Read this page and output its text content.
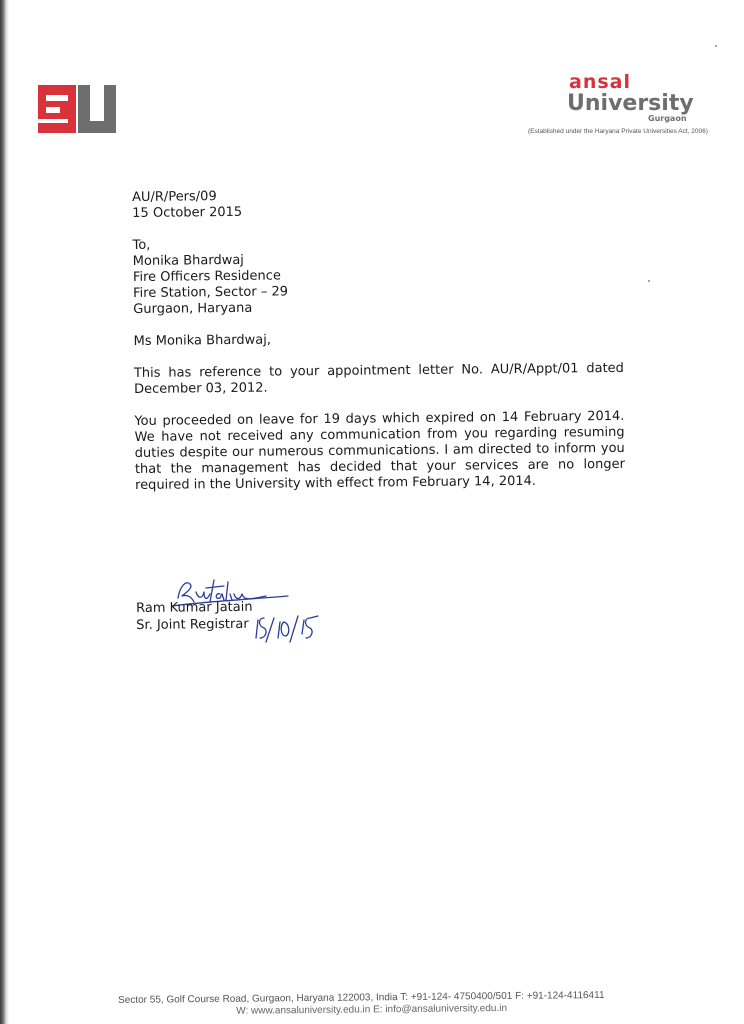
ansal
University
Gurgaon
(Established under the Haryana Private Universities Act, 2006)
AU/R/Pers/09
15 October 2015
To,
Monika Bhardwaj
Fire Officers Residence
Fire Station, Sector – 29
Gurgaon, Haryana
Ms Monika Bhardwaj,

This has reference to your appointment letter No. AU/R/Appt/01 dated December 03, 2012.

You proceeded on leave for 19 days which expired on 14 February 2014. We have not received any communication from you regarding resuming duties despite our numerous communications. I am directed to inform you that the management has decided that your services are no longer required in the University with effect from February 14, 2014.

Ram Kumar Jatain
Sr. Joint Registrar
Sector 55, Golf Course Road, Gurgaon, Haryana 122003, India T: +91-124- 4750400/501 F: +91-124-4116411
W: www.ansaluniversity.edu.in E: info@ansaluniversity.edu.in
